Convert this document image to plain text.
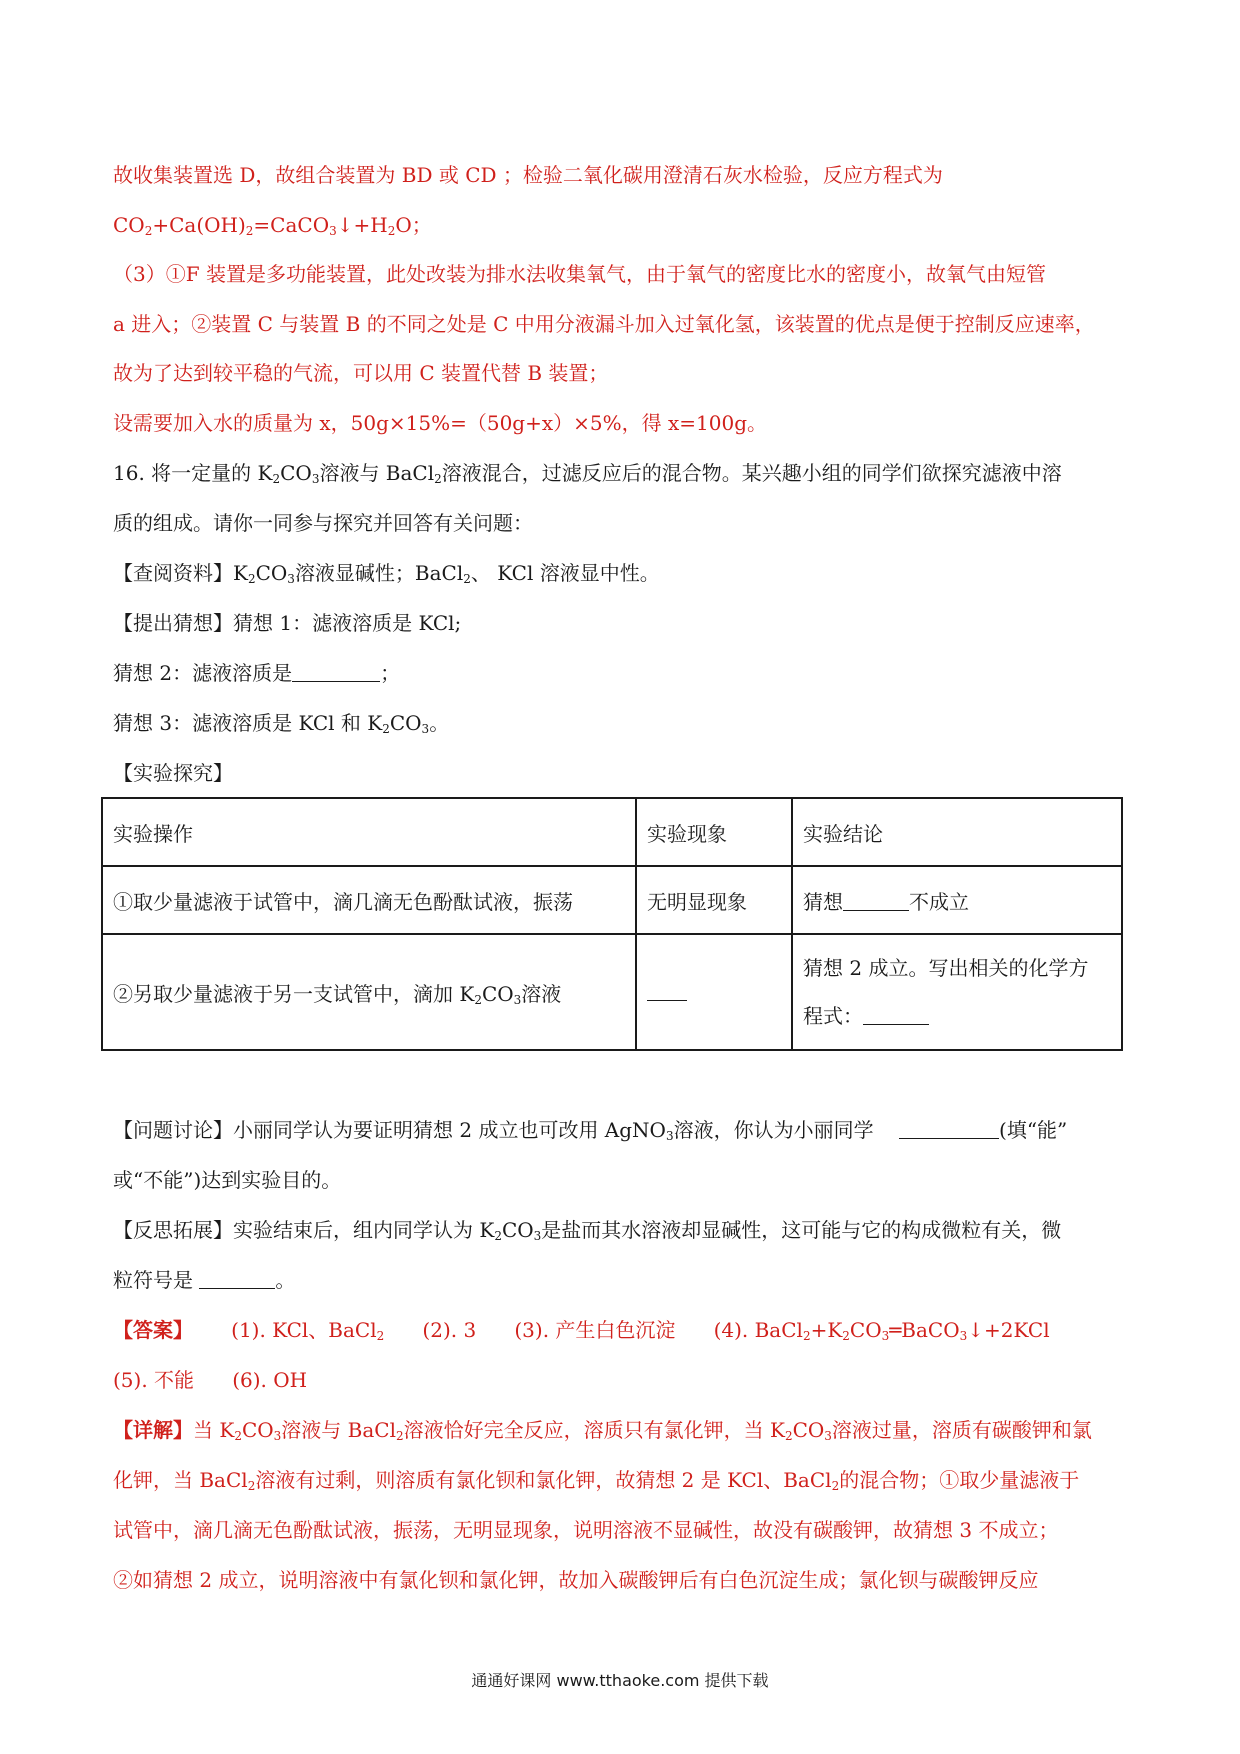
故收集装置选 D，故组合装置为 BD 或 CD ；检验二氧化碳用澄清石灰水检验，反应方程式为
$CO_2+Ca(OH)_2=CaCO_3↓+H_2O$；
（3）①F 装置是多功能装置，此处改装为排水法收集氧气，由于氧气的密度比水的密度小，故氧气由短管
a 进入；②装置 C 与装置 B 的不同之处是 C 中用分液漏斗加入过氧化氢，该装置的优点是便于控制反应速率，
故为了达到较平稳的气流，可以用 C 装置代替 B 装置；
设需要加入水的质量为 x，50g×15%=（50g+x）×5%，得 x=100g。
16. 将一定量的 $K_2CO_3$溶液与 BaCl$_2$溶液混合，过滤反应后的混合物。某兴趣小组的同学们欲探究滤液中溶
质的组成。请你一同参与探究并回答有关问题：
【查阅资料】$K_2CO_3$溶液显碱性；BaCl$_2$、 KCl 溶液显中性。
【提出猜想】猜想 1：滤液溶质是 KCl;
猜想 2：滤液溶质是	；
猜想 3：滤液溶质是 KCl 和 $K_2CO_3$。
【实验探究】
实验操作	实验现象	实验结论
①取少量滤液于试管中，滴几滴无色酚酞试液，振荡	无明显现象	猜想 不成立
②另取少量滤液于另一支试管中，滴加 $K_2CO_3$溶液		猜想 2 成立。写出相关的化学方
程式：
【问题讨论】小丽同学认为要证明猜想 2 成立也可改用 AgNO$_3$溶液，你认为小丽同学	(填“能”
或“不能”)达到实验目的。
【反思拓展】实验结束后，组内同学认为 $K_2CO_3$是盐而其水溶液却显碱性，这可能与它的构成微粒有关，微
粒符号是	。
【答案】 (1). KCl、BaCl$_2$ (2). 3 (3). 产生白色沉淀 (4). $BaCl_2+K_2CO_3═BaCO_3↓+2KCl$
(5). 不能 (6). OH
【详解】当 $K_2CO_3$溶液与 BaCl$_2$溶液恰好完全反应，溶质只有氯化钾，当 $K_2CO_3$溶液过量，溶质有碳酸钾和氯
化钾，当 BaCl$_2$溶液有过剩，则溶质有氯化钡和氯化钾，故猜想 2 是 KCl、BaCl$_2$的混合物；①取少量滤液于
试管中，滴几滴无色酚酞试液，振荡，无明显现象，说明溶液不显碱性，故没有碳酸钾，故猜想 3 不成立；
②如猜想 2 成立，说明溶液中有氯化钡和氯化钾，故加入碳酸钾后有白色沉淀生成；氯化钡与碳酸钾反应
通通好课网 www.tthaoke.com 提供下载
